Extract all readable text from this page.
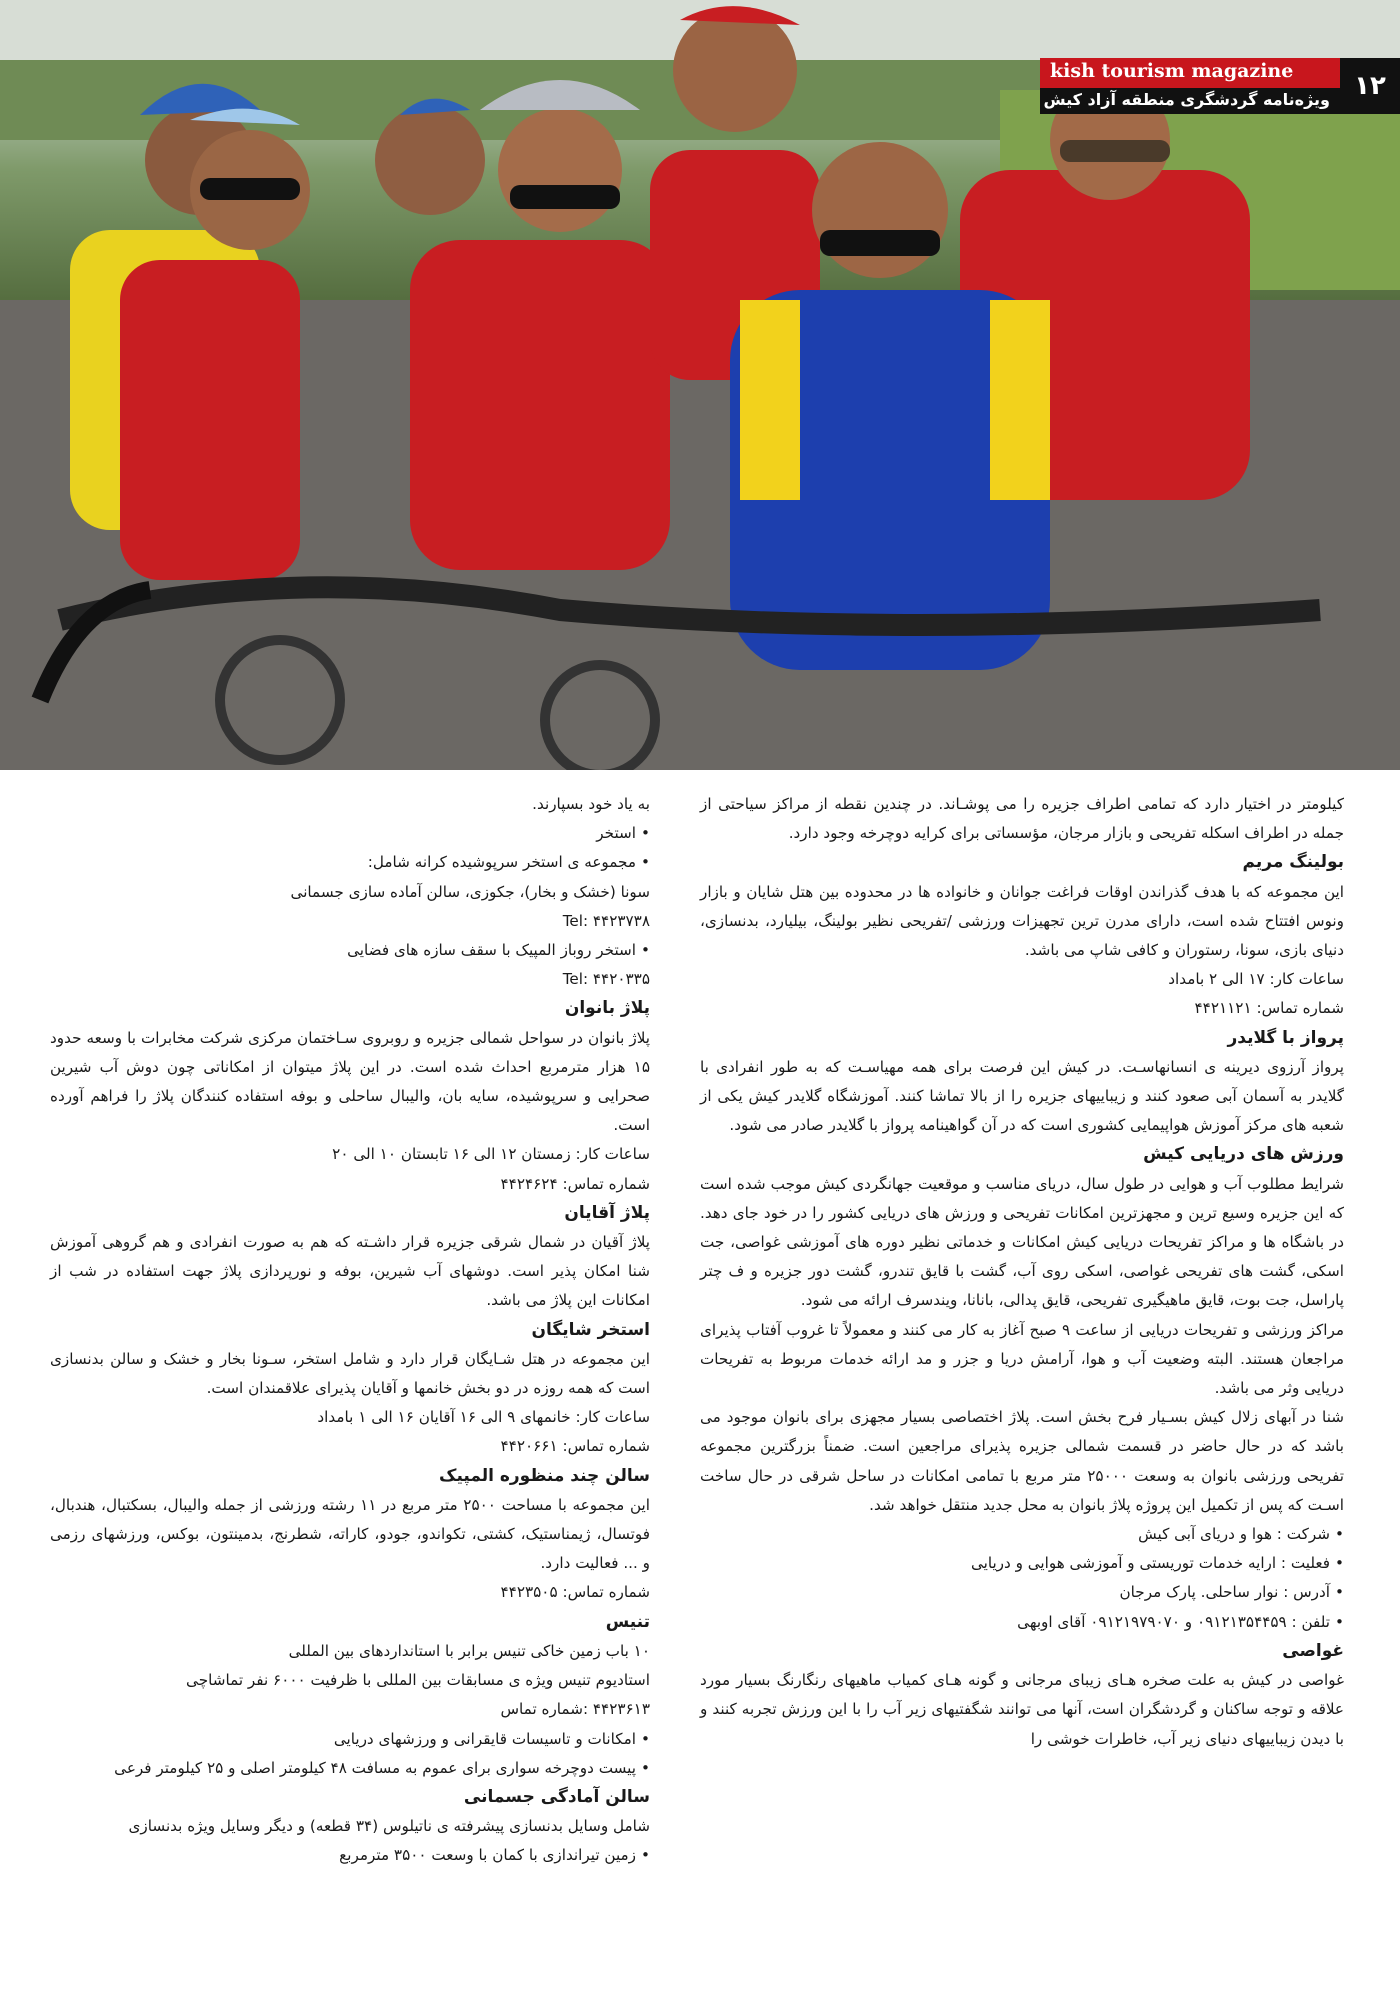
kish tourism magazine
ویژه‌نامه گردشگری منطقه آزاد کیش ۱۲

کیلومتر در اختیار دارد که تمامی اطراف جزیره را می پوشـاند. در چندین نقطه از مراکز سیاحتی از جمله در اطراف اسکله تفریحی و بازار مرجان، مؤسساتی برای کرایه دوچرخه وجود دارد.

بولینگ مریم

این مجموعه که با هدف گذراندن اوقات فراغت جوانان و خانواده ها در محدوده بین هتل شایان و بازار ونوس افتتاح شده است، دارای مدرن ترین تجهیزات ورزشی /تفریحی نظیر بولینگ، بیلیارد، بدنسازی، دنیای بازی، سونا، رستوران و کافی شاپ می باشد.

ساعات کار: ۱۷ الی ۲ بامداد

شماره تماس: ۴۴۲۱۱۲۱

پرواز با گلایدر

پرواز آرزوی دیرینه ی انسانهاسـت. در کیش این فرصت برای همه مهیاسـت که به طور انفرادی با گلایدر به آسمان آبی صعود کنند و زیباییهای جزیره را از بالا تماشا کنند. آموزشگاه گلایدر کیش یکی از شعبه های مرکز آموزش هواپیمایی کشوری است که در آن گواهینامه پرواز با گلایدر صادر می شود.

ورزش های دریایی کیش

شرایط مطلوب آب و هوایی در طول سال، دریای مناسب و موقعیت جهانگردی کیش موجب شده است که این جزیره وسیع ترین و مجهزترین امکانات تفریحی و ورزش های دریایی کشور را در خود جای دهد. در باشگاه ها و مراکز تفریحات دریایی کیش امکانات و خدماتی نظیر دوره های آموزشی غواصی، جت اسکی، گشت های تفریحی غواصی، اسکی روی آب، گشت با قایق تندرو، گشت دور جزیره و ف چتر پاراسل، جت بوت، قایق ماهیگیری تفریحی، قایق پدالی، بانانا، ویندسرف ارائه می شود.

مراکز ورزشی و تفریحات دریایی از ساعت ۹ صبح آغاز به کار می کنند و معمولاً تا غروب آفتاب پذیرای مراجعان هستند. البته وضعیت آب و هوا، آرامش دریا و جزر و مد ارائه خدمات مربوط به تفریحات دریایی وثر می باشد.

شنا در آبهای زلال کیش بسـیار فرح بخش است. پلاژ اختصاصی بسیار مجهزی برای بانوان موجود می باشد که در حال حاضر در قسمت شمالی جزیره پذیرای مراجعین است. ضمناً بزرگترین مجموعه تفریحی ورزشی بانوان به وسعت ۲۵۰۰۰ متر مربع با تمامی امکانات در ساحل شرقی در حال ساخت اسـت که پس از تکمیل این پروژه پلاژ بانوان به محل جدید منتقل خواهد شد.

• شرکت : هوا و دریای آبی کیش
• فعلیت : ارایه خدمات توریستی و آموزشی هوایی و دریایی
• آدرس : نوار ساحلی. پارک مرجان
• تلفن : ۰۹۱۲۱۳۵۴۴۵۹ و ۰۹۱۲۱۹۷۹۰۷۰ آقای اوبهی
غواصی

غواصی در کیش به علت صخره هـای زیبای مرجانی و گونه هـای کمیاب ماهیهای رنگارنگ بسیار مورد علاقه و توجه ساکنان و گردشگران است، آنها می توانند شگفتیهای زیر آب را با این ورزش تجربه کنند و با دیدن زیباییهای دنیای زیر آب، خاطرات خوشی را

به یاد خود بسپارند.

• استخر
• مجموعه ی استخر سرپوشیده کرانه شامل:

سونا (خشک و بخار)، جکوزی، سالن آماده سازی جسمانی

Tel: ۴۴۲۳۷۳۸

• استخر روباز المپیک با سقف سازه های فضایی

Tel: ۴۴۲۰۳۳۵

پلاژ بانوان

پلاژ بانوان در سواحل شمالی جزیره و روبروی سـاختمان مرکزی شرکت مخابرات با وسعه حدود ۱۵ هزار مترمربع احداث شده است. در این پلاژ میتوان از امکاناتی چون دوش آب شیرین صحرایی و سرپوشیده، سایه بان، والیبال ساحلی و بوفه استفاده کنندگان پلاژ را فراهم آورده است.

ساعات کار: زمستان ۱۲ الی ۱۶ تابستان ۱۰ الی ۲۰

شماره تماس: ۴۴۲۴۶۲۴

پلاژ آقایان

پلاژ آقیان در شمال شرقی جزیره قرار داشـته که هم به صورت انفرادی و هم گروهی آموزش شنا امکان پذیر است. دوشهای آب شیرین، بوفه و نورپردازی پلاژ جهت استفاده در شب از امکانات این پلاژ می باشد.

استخر شایگان

این مجموعه در هتل شـایگان قرار دارد و شامل استخر، سـونا بخار و خشک و سالن بدنسازی است که همه روزه در دو بخش خانمها و آقایان پذیرای علاقمندان است.

ساعات کار: خانمهای ۹ الی ۱۶ آقایان ۱۶ الی ۱ بامداد

شماره تماس: ۴۴۲۰۶۶۱

سالن چند منظوره المپیک

این مجموعه با مساحت ۲۵۰۰ متر مربع در ۱۱ رشته ورزشی از جمله والیبال، بسکتبال، هندبال، فوتسال، ژیمناستیک، کشتی، تکواندو، جودو، کاراته، شطرنج، بدمینتون، بوکس، ورزشهای رزمی و ... فعالیت دارد.

شماره تماس: ۴۴۲۳۵۰۵

تنیس

۱۰ باب زمین خاکی تنیس برابر با استانداردهای بین المللی

استادیوم تنیس ویژه ی مسابقات بین المللی با ظرفیت ۶۰۰۰ نفر تماشاچی

۴۴۲۳۶۱۳ :شماره تماس

• امکانات و تاسیسات قایقرانی و ورزشهای دریایی
• پیست دوچرخه سواری برای عموم به مسافت ۴۸ کیلومتر اصلی و ۲۵ کیلومتر فرعی
سالن آمادگی جسمانی

شامل وسایل بدنسازی پیشرفته ی ناتیلوس (۳۴ قطعه) و دیگر وسایل ویژه بدنسازی

• زمین تیراندازی با کمان با وسعت ۳۵۰۰ مترمربع
